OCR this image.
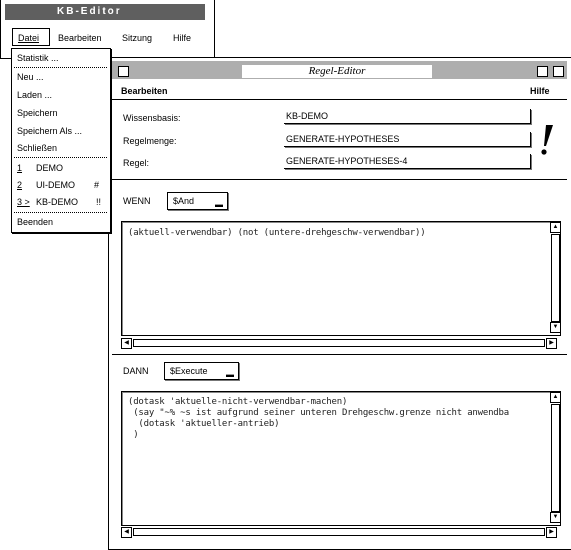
KB-Editor
Datei Bearbeiten Sitzung Hilfe
Regel-Editor
Bearbeiten	Hilfe
Wissensbasis:	KB-DEMO
Regelmenge:	GENERATE-HYPOTHESES
Regel:	GENERATE-HYPOTHESES-4
WENN	$And	▬
(aktuell-verwendbar) (not (untere-drehgeschw-verwendbar))
▲
▼
◀	▶
DANN	$Execute ▬
(dotask 'aktuelle-nicht-verwendbar-machen)
(say "~% ~s ist aufgrund seiner unteren Drehgeschw.grenze nicht anwendba
(dotask 'aktueller-antrieb)
)
▲
▼
◀	▶
Statistik ...
Neu ...
Laden ...
Speichern
Speichern Als ...
Schließen
1 DEMO
2 UI-DEMO #
3 > KB-DEMO !!
Beenden
